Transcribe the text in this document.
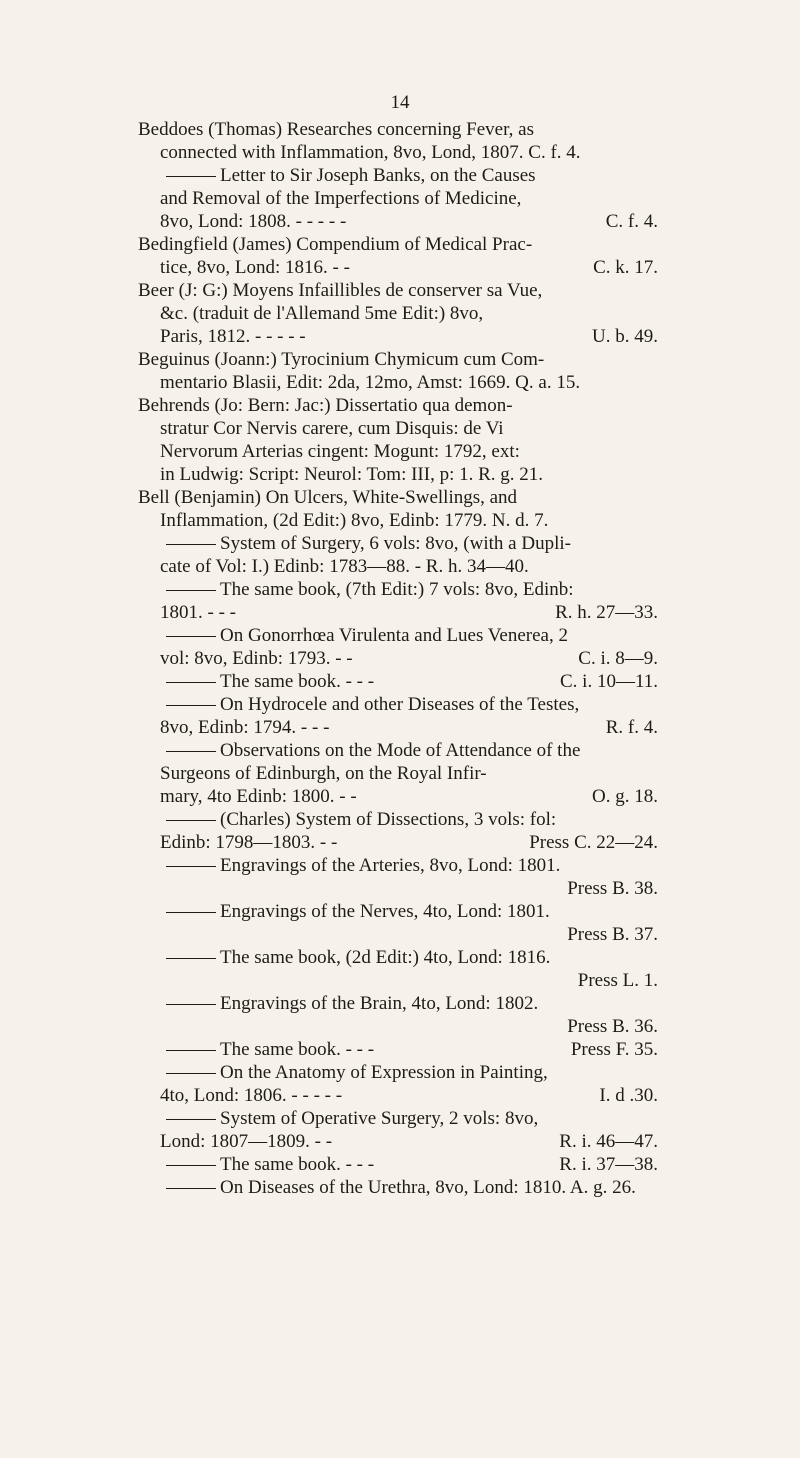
14
Beddoes (Thomas) Researches concerning Fever, as
connected with Inflammation, 8vo, Lond, 1807. C. f. 4.
Letter to Sir Joseph Banks, on the Causes
and Removal of the Imperfections of Medicine,
8vo, Lond: 1808. - - - - -	C. f. 4.
Bedingfield (James) Compendium of Medical Prac-
tice, 8vo, Lond: 1816. - -	C. k. 17.
Beer (J: G:) Moyens Infaillibles de conserver sa Vue,
&c. (traduit de l'Allemand 5me Edit:) 8vo,
Paris, 1812. - - - - -	U. b. 49.
Beguinus (Joann:) Tyrocinium Chymicum cum Com-
mentario Blasii, Edit: 2da, 12mo, Amst: 1669. Q. a. 15.
Behrends (Jo: Bern: Jac:) Dissertatio qua demon-
stratur Cor Nervis carere, cum Disquis: de Vi
Nervorum Arterias cingent: Mogunt: 1792, ext:
in Ludwig: Script: Neurol: Tom: III, p: 1. R. g. 21.
Bell (Benjamin) On Ulcers, White-Swellings, and
Inflammation, (2d Edit:) 8vo, Edinb: 1779. N. d. 7.
System of Surgery, 6 vols: 8vo, (with a Dupli-
cate of Vol: I.) Edinb: 1783—88. - R. h. 34—40.
The same book, (7th Edit:) 7 vols: 8vo, Edinb:
1801. - - -	R. h. 27—33.
On Gonorrhœa Virulenta and Lues Venerea, 2
vol: 8vo, Edinb: 1793. - -	C. i. 8—9.
The same book. - - -	C. i. 10—11.
On Hydrocele and other Diseases of the Testes,
8vo, Edinb: 1794. - - -	R. f. 4.
Observations on the Mode of Attendance of the
Surgeons of Edinburgh, on the Royal Infir-
mary, 4to Edinb: 1800. - -	O. g. 18.
(Charles) System of Dissections, 3 vols: fol:
Edinb: 1798—1803. - -	Press C. 22—24.
Engravings of the Arteries, 8vo, Lond: 1801.
Press B. 38.
Engravings of the Nerves, 4to, Lond: 1801.
Press B. 37.
The same book, (2d Edit:) 4to, Lond: 1816.
Press L. 1.
Engravings of the Brain, 4to, Lond: 1802.
Press B. 36.
The same book. - - -	Press F. 35.
On the Anatomy of Expression in Painting,
4to, Lond: 1806. - - - - -	I. d .30.
System of Operative Surgery, 2 vols: 8vo,
Lond: 1807—1809. - -	R. i. 46—47.
The same book. - - -	R. i. 37—38.
On Diseases of the Urethra, 8vo, Lond: 1810. A. g. 26.
